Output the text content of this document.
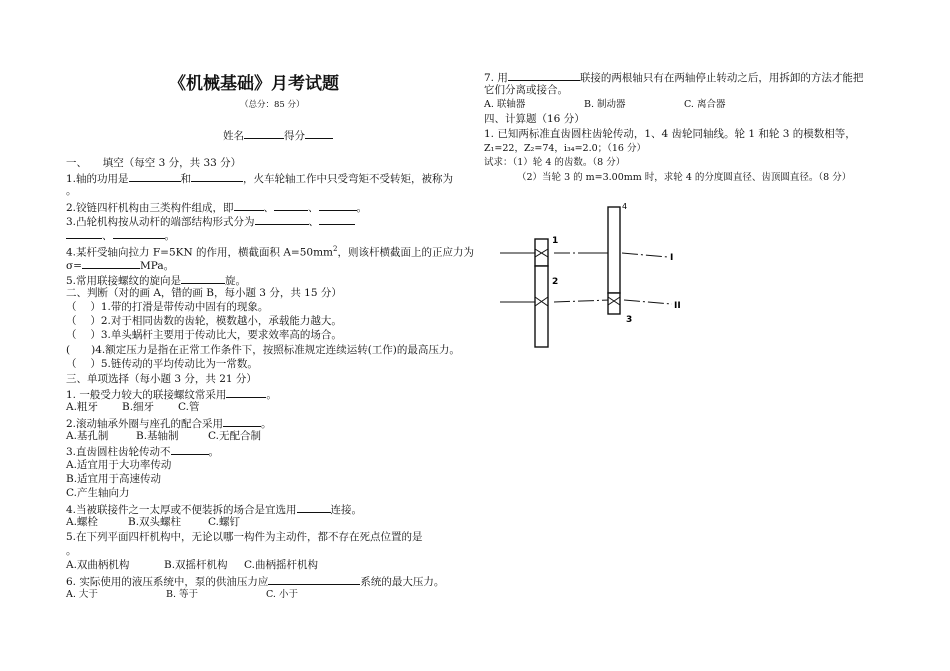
《机械基础》月考试题
（总分：85 分）
姓名	得分
一、　　填空（每空 3 分，共 33 分）
1.轴的功用是	和	，火车轮轴工作中只受弯矩不受转矩，被称为
。
2.铰链四杆机构由三类构件组成，即	、	、	。
3.凸轮机构按从动杆的端部结构形式分为	、
、	。
4.某杆受轴向拉力 F=5KN 的作用，横截面积 $A=50mm^2$，则该杆横截面上的正应力为
σ=	MPa。
5.常用联接螺纹的旋向是	旋。
二、判断（对的画 A，错的画 B，每小题 3 分，共 15 分）
（　 ）1.带的打滑是带传动中固有的现象。
（　 ）2.对于相同齿数的齿轮，模数越小，承载能力越大。
（　 ）3.单头蜗杆主要用于传动比大，要求效率高的场合。
(　　)4.额定压力是指在正常工作条件下，按照标准规定连续运转(工作)的最高压力。
（　 ）5.链传动的平均传动比为一常数。
三、单项选择（每小题 3 分，共 21 分）
1. 一般受力较大的联接螺纹常采用	。
A.粗牙 B.细牙 C.管
2.滚动轴承外圈与座孔的配合采用	。
A.基孔制	B.基轴制	C.无配合制
3.直齿圆柱齿轮传动不	。
A.适宜用于大功率传动
B.适宜用于高速传动
C.产生轴向力
4.当被联接件之一太厚或不便装拆的场合是宜选用	连接。
A.螺栓	B.双头螺柱	C.螺钉
5.在下列平面四杆机构中，无论以哪一构件为主动件，都不存在死点位置的是
。
A.双曲柄机构	B.双摇杆机构 C.曲柄摇杆机构
6. 实际使用的液压系统中，泵的供油压力应	系统的最大压力。
A. 大于	B. 等于	C. 小于
7. 用	联接的两根轴只有在两轴停止转动之后，用拆卸的方法才能把
它们分离或接合。
A. 联轴器	B. 制动器	C. 离合器
四、计算题（16 分）
1. 已知两标准直齿圆柱齿轮传动，1、4 齿轮同轴线。轮 1 和轮 3 的模数相等，
Z₁=22，Z₂=74，i₃₄=2.0；（16 分）
试求：（1）轮 4 的齿数。（8 分）
（2）当轮 3 的 m=3.00mm 时，求轮 4 的分度圆直径、齿顶圆直径。（8 分）
1
2
3
4
I
II
